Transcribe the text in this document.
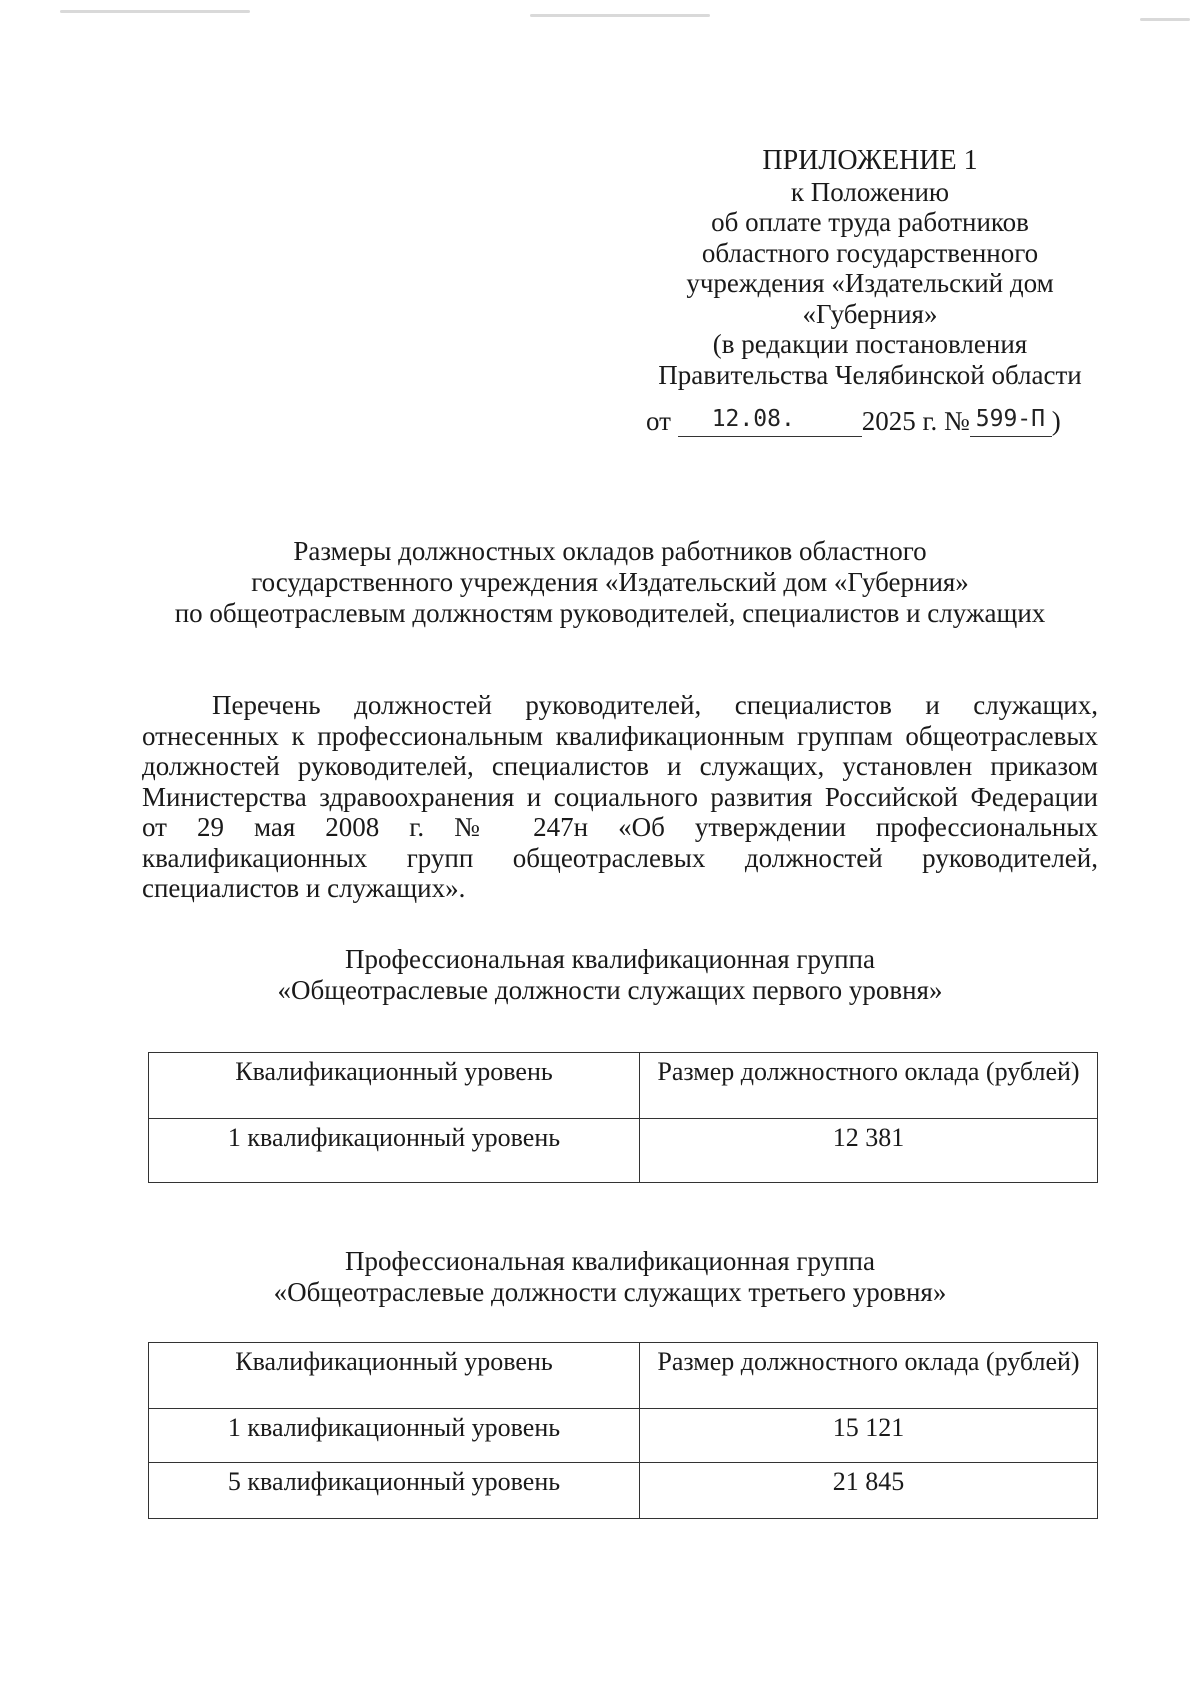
ПРИЛОЖЕНИЕ 1
к Положению
об оплате труда работников
областного государственного
учреждения «Издательский дом
«Губерния»
(в редакции постановления
Правительства Челябинской области
от 12.08. 2025 г. № 599-П )
Размеры должностных окладов работников областного
государственного учреждения «Издательский дом «Губерния»
по общеотраслевым должностям руководителей, специалистов и служащих
Перечень должностей руководителей, специалистов и служащих,
отнесенных к профессиональным квалификационным группам общеотраслевых
должностей руководителей, специалистов и служащих, установлен приказом
Министерства здравоохранения и социального развития Российской Федерации
от 29 мая 2008 г. № 247н «Об утверждении профессиональных
квалификационных групп общеотраслевых должностей руководителей,
специалистов и служащих».
Профессиональная квалификационная группа
«Общеотраслевые должности служащих первого уровня»
Квалификационный уровень	Размер должностного оклада (рублей)
1 квалификационный уровень	12 381
Профессиональная квалификационная группа
«Общеотраслевые должности служащих третьего уровня»
Квалификационный уровень	Размер должностного оклада (рублей)
1 квалификационный уровень	15 121
5 квалификационный уровень	21 845
